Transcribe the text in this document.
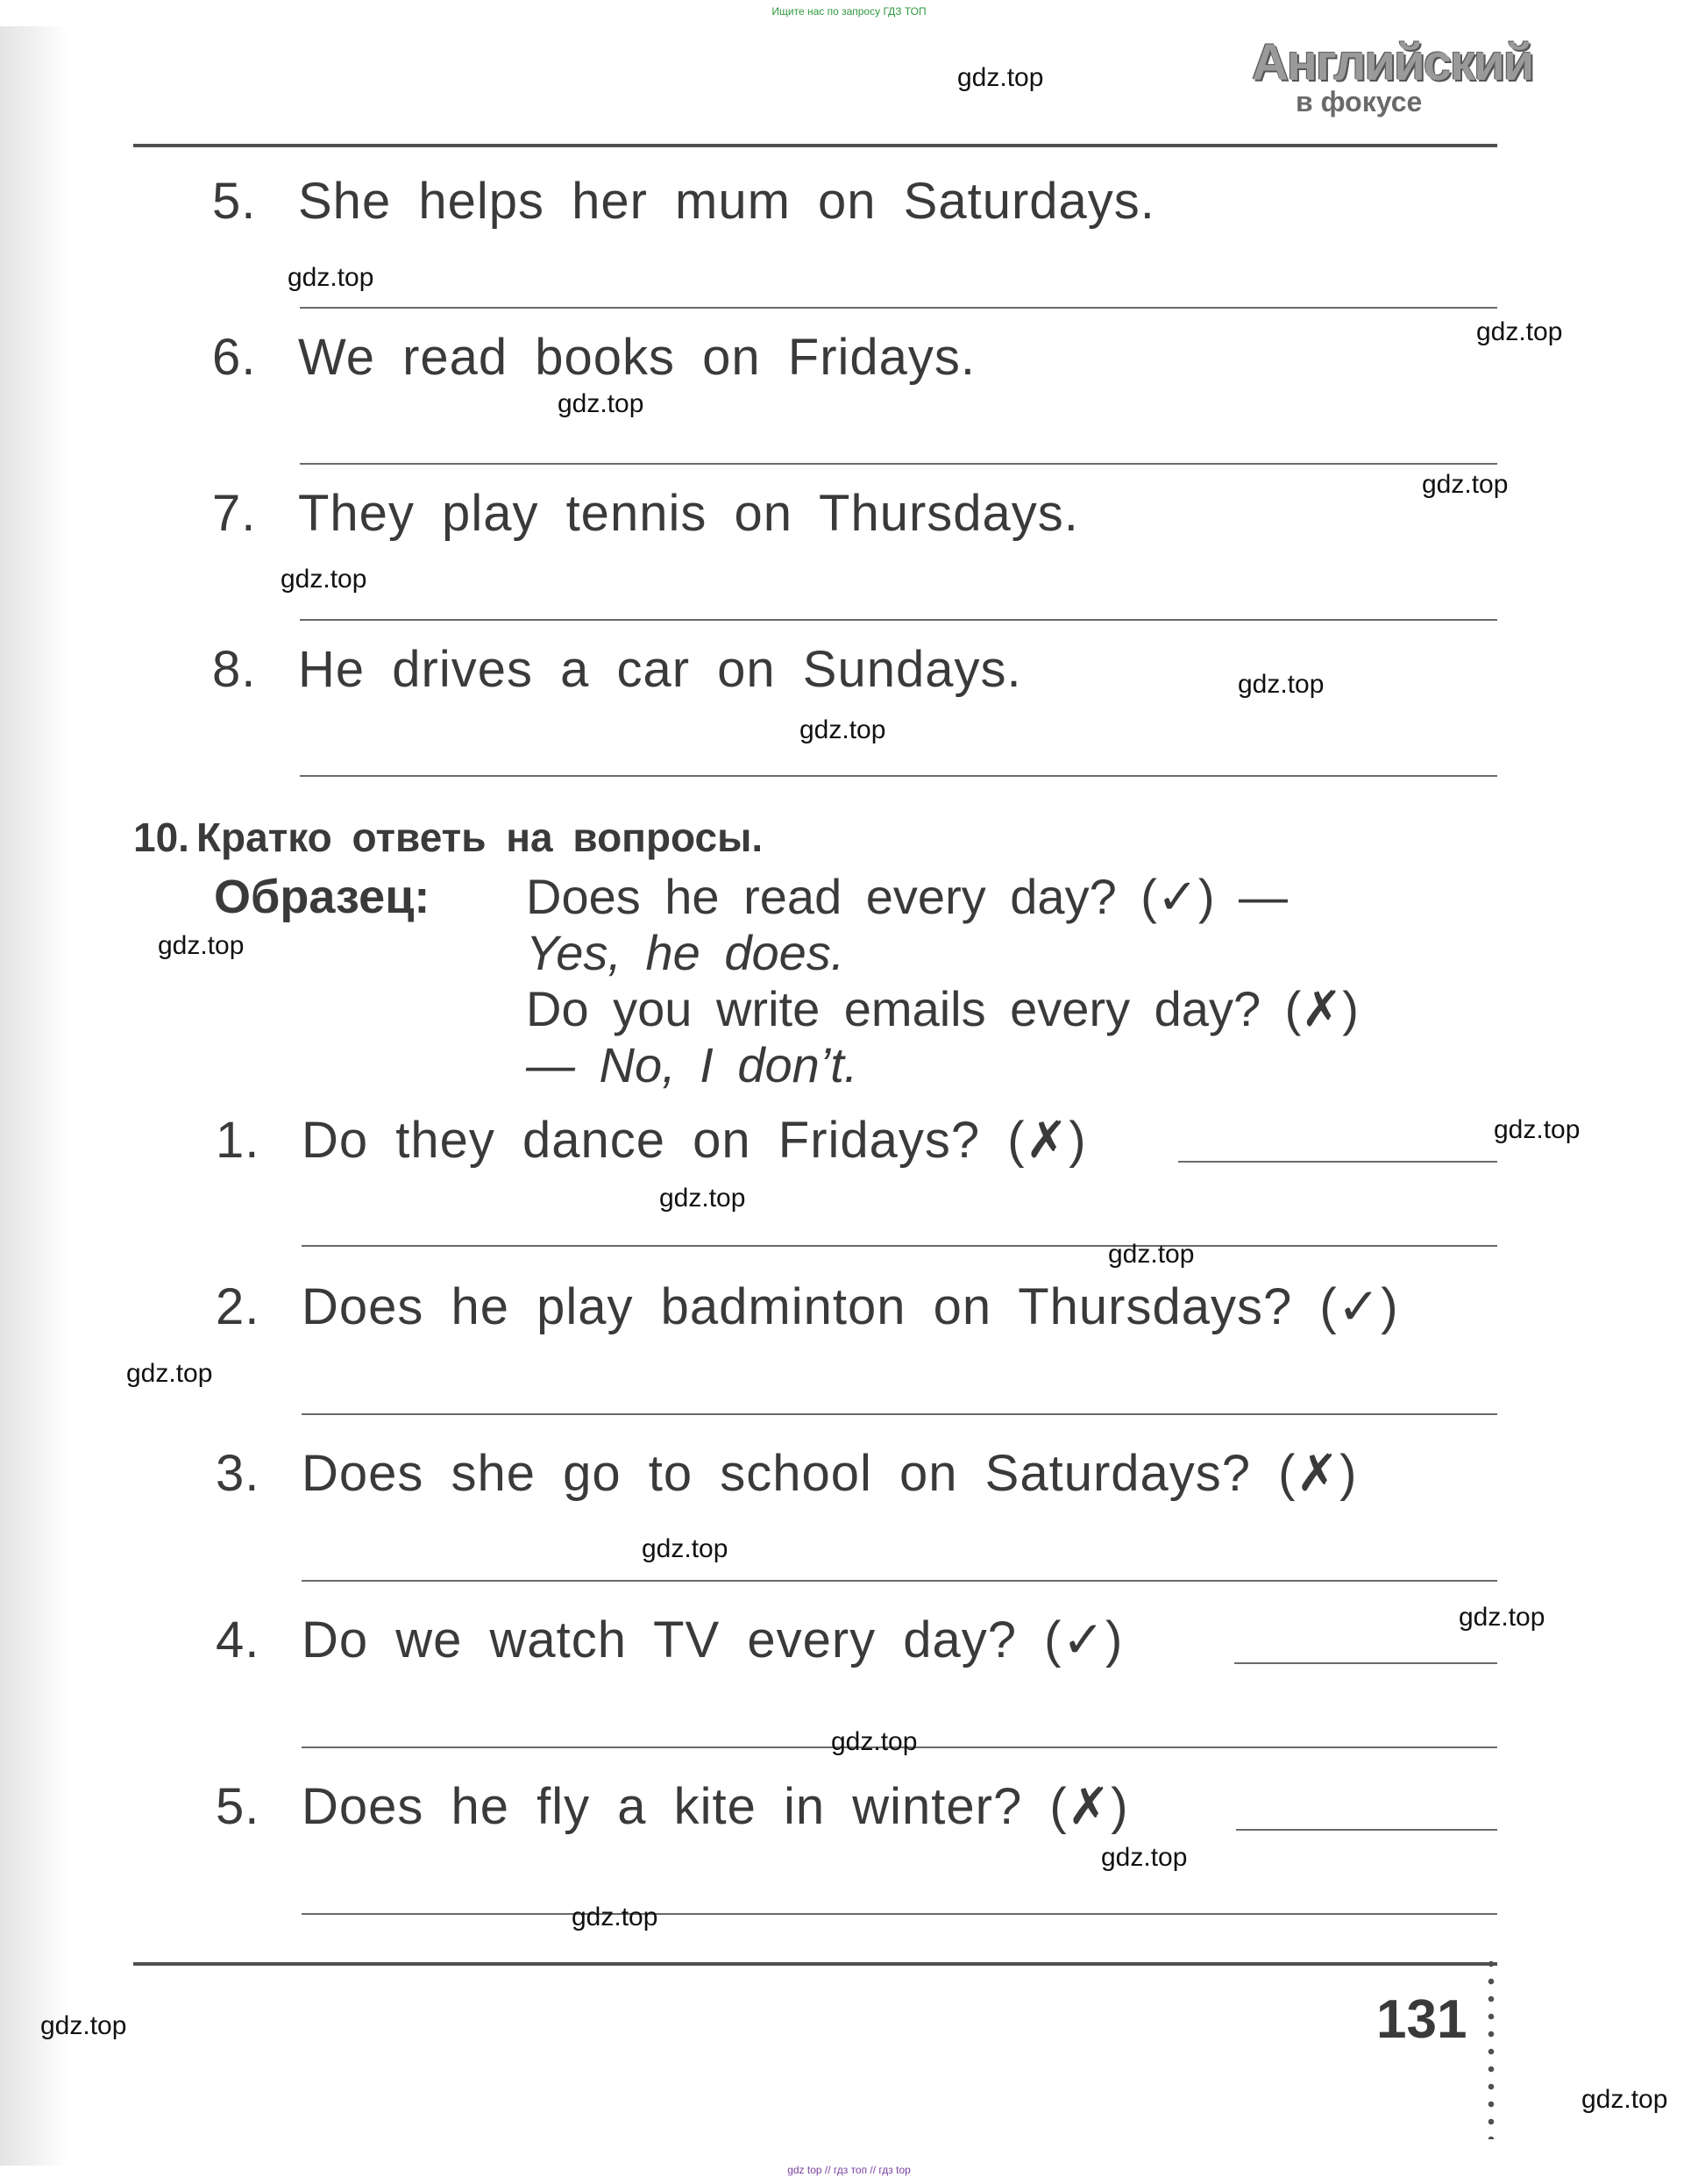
Ищите нас по запросу ГДЗ ТОП
Английский
в фокусе
5. She helps her mum on Saturdays.
6. We read books on Fridays.
7. They play tennis on Thursdays.
8. He drives a car on Sundays.
10. Кратко ответь на вопросы.
Образец: Does he read every day? (✓) —
Yes, he does.
Do you write emails every day? (✗)
— No, I don’t.
1. Do they dance on Fridays? (✗)
2. Does he play badminton on Thursdays? (✓)
3. Does she go to school on Saturdays? (✗)
4. Do we watch TV every day? (✓)
5. Does he fly a kite in winter? (✗)
131
gdz.top
gdz.top
gdz.top
gdz.top
gdz.top
gdz.top
gdz.top
gdz.top
gdz.top
gdz.top
gdz.top
gdz.top
gdz.top
gdz.top
gdz.top
gdz.top
gdz.top
gdz.top
gdz.top
gdz.top
gdz top // гдз топ // гдз top
